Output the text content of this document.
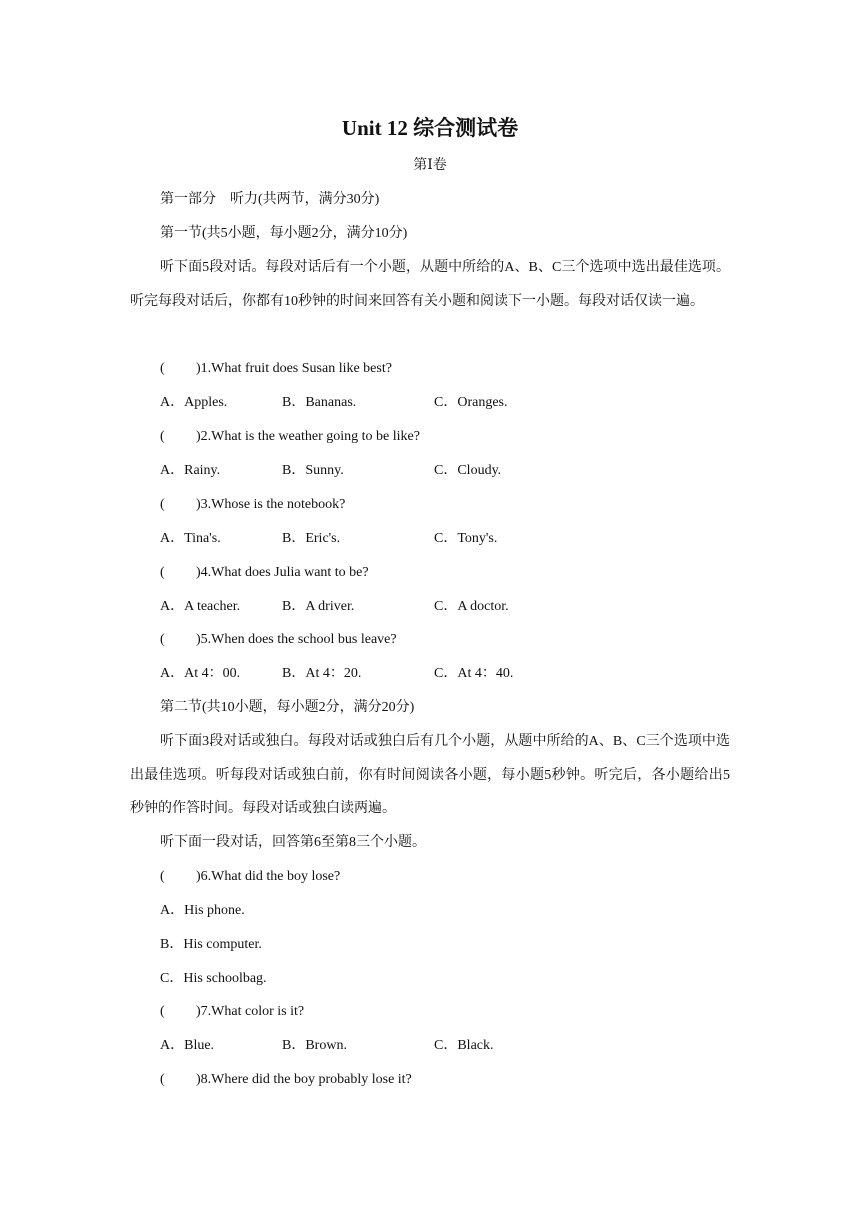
Unit 12 综合测试卷
第Ⅰ卷
第一部分　听力(共两节，满分30分)
第一节(共5小题，每小题2分，满分10分)
听下面5段对话。每段对话后有一个小题，从题中所给的A、B、C三个选项中选出最佳选项。听完每段对话后，你都有10秒钟的时间来回答有关小题和阅读下一小题。每段对话仅读一遍。
( )1.What fruit does Susan like best?
A．Apples.	B．Bananas.	C．Oranges.
( )2.What is the weather going to be like?
A．Rainy.	B．Sunny.	C．Cloudy.
( )3.Whose is the notebook?
A．Tina's.	B．Eric's.	C．Tony's.
( )4.What does Julia want to be?
A．A teacher.	B．A driver.	C．A doctor.
( )5.When does the school bus leave?
A．At 4：00.	B．At 4：20.	C．At 4：40.
第二节(共10小题，每小题2分，满分20分)
听下面3段对话或独白。每段对话或独白后有几个小题，从题中所给的A、B、C三个选项中选出最佳选项。听每段对话或独白前，你有时间阅读各小题，每小题5秒钟。听完后，各小题给出5秒钟的作答时间。每段对话或独白读两遍。
听下面一段对话，回答第6至第8三个小题。
( )6.What did the boy lose?
A．His phone.
B．His computer.
C．His schoolbag.
( )7.What color is it?
A．Blue.	B．Brown.	C．Black.
( )8.Where did the boy probably lose it?
